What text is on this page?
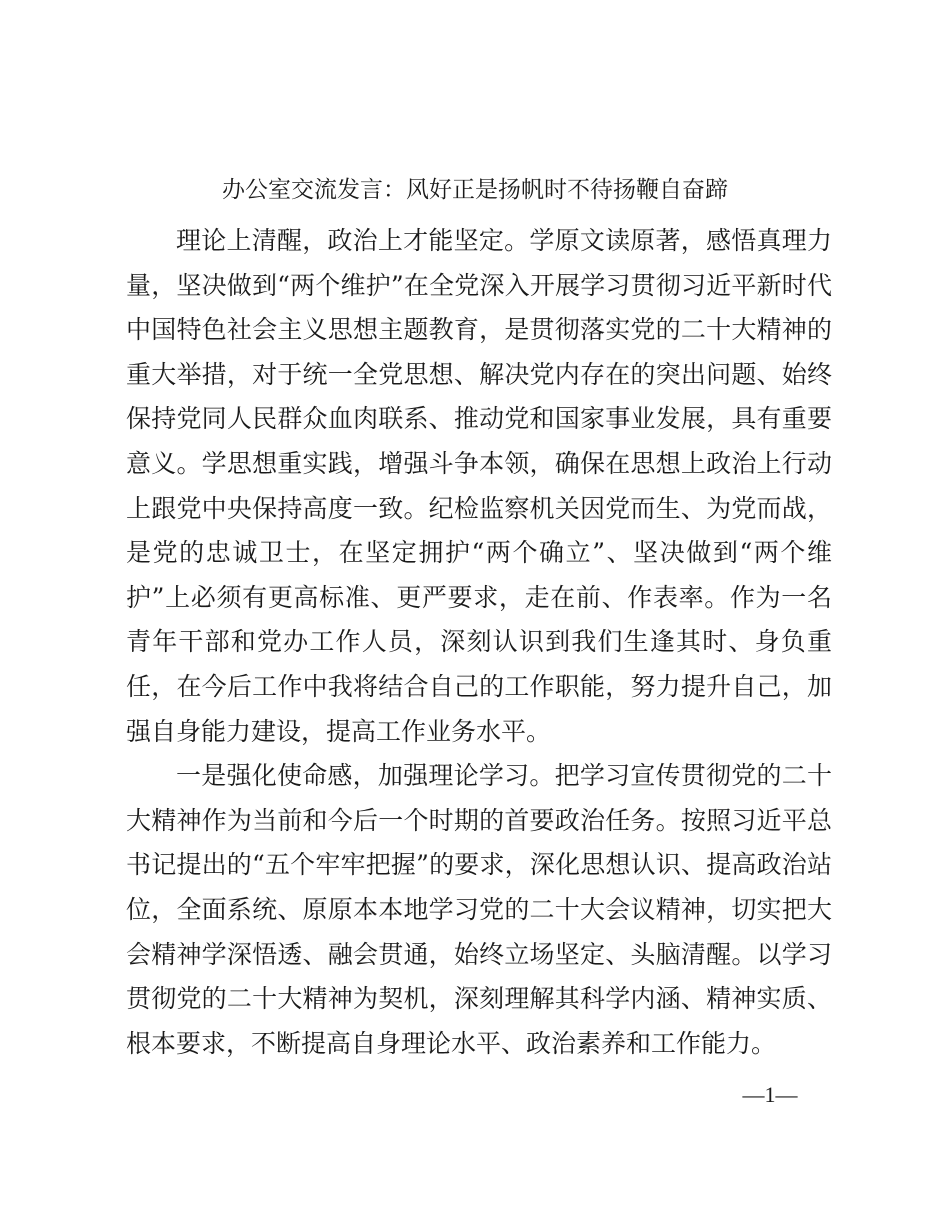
办公室交流发言：风好正是扬帆时不待扬鞭自奋蹄

理论上清醒，政治上才能坚定。学原文读原著，感悟真理力量，坚决做到“两个维护”在全党深入开展学习贯彻习近平新时代中国特色社会主义思想主题教育，是贯彻落实党的二十大精神的重大举措，对于统一全党思想、解决党内存在的突出问题、始终保持党同人民群众血肉联系、推动党和国家事业发展，具有重要意义。学思想重实践，增强斗争本领，确保在思想上政治上行动上跟党中央保持高度一致。纪检监察机关因党而生、为党而战，是党的忠诚卫士，在坚定拥护“两个确立”、坚决做到“两个维护”上必须有更高标准、更严要求，走在前、作表率。作为一名青年干部和党办工作人员，深刻认识到我们生逢其时、身负重任，在今后工作中我将结合自己的工作职能，努力提升自己，加强自身能力建设，提高工作业务水平。

一是强化使命感，加强理论学习。把学习宣传贯彻党的二十大精神作为当前和今后一个时期的首要政治任务。按照习近平总书记提出的“五个牢牢把握”的要求，深化思想认识、提高政治站位，全面系统、原原本本地学习党的二十大会议精神，切实把大会精神学深悟透、融会贯通，始终立场坚定、头脑清醒。以学习贯彻党的二十大精神为契机，深刻理解其科学内涵、精神实质、根本要求，不断提高自身理论水平、政治素养和工作能力。

—1—
